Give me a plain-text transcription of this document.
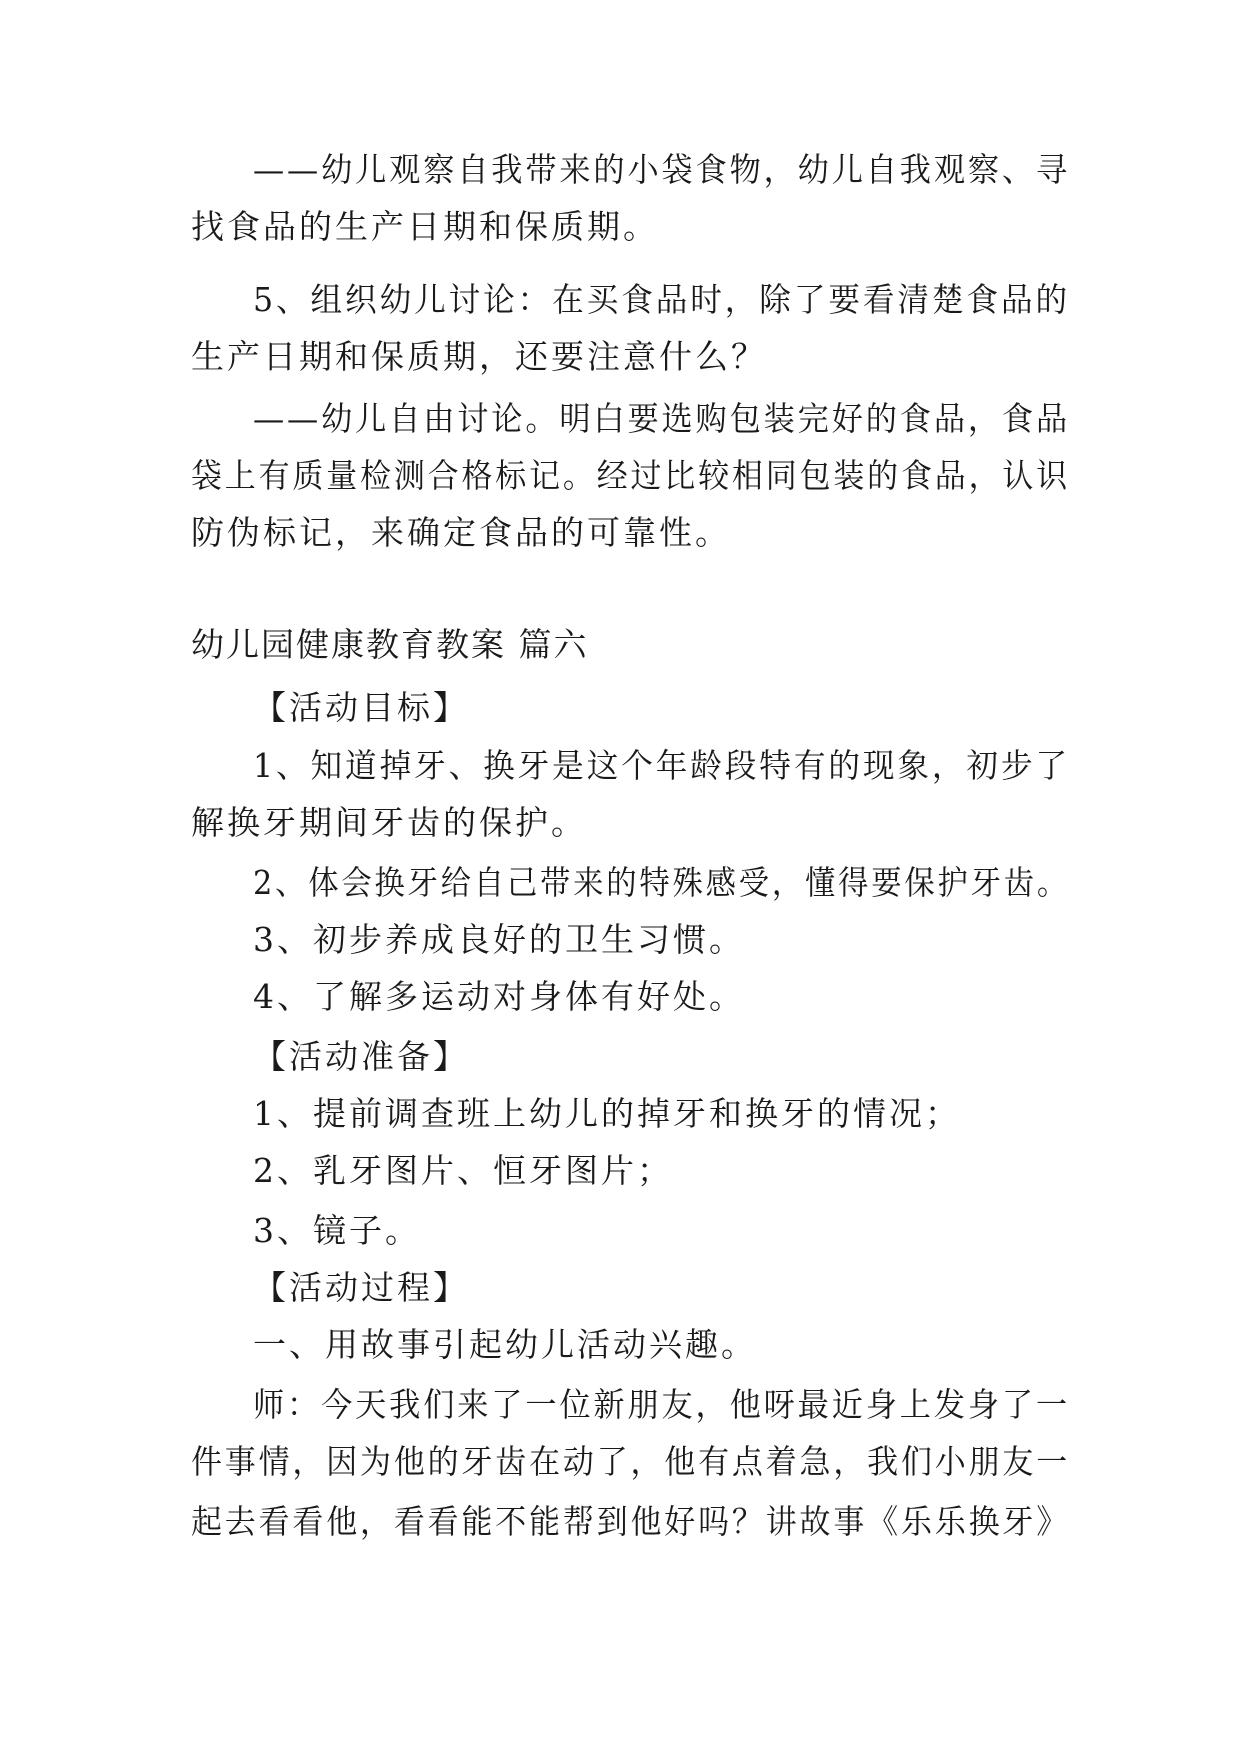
——幼儿观察自我带来的小袋食物，幼儿自我观察、寻
找食品的生产日期和保质期。
5、组织幼儿讨论：在买食品时，除了要看清楚食品的
生产日期和保质期，还要注意什么？
——幼儿自由讨论。明白要选购包装完好的食品，食品
袋上有质量检测合格标记。经过比较相同包装的食品，认识
防伪标记，来确定食品的可靠性。
幼儿园健康教育教案 篇六
【活动目标】
1、知道掉牙、换牙是这个年龄段特有的现象，初步了
解换牙期间牙齿的保护。
2、体会换牙给自己带来的特殊感受，懂得要保护牙齿。
3、初步养成良好的卫生习惯。
4、了解多运动对身体有好处。
【活动准备】
1、提前调查班上幼儿的掉牙和换牙的情况；
2、乳牙图片、恒牙图片；
3、镜子。
【活动过程】
一、用故事引起幼儿活动兴趣。
师：今天我们来了一位新朋友，他呀最近身上发身了一
件事情，因为他的牙齿在动了，他有点着急，我们小朋友一
起去看看他，看看能不能帮到他好吗？讲故事《乐乐换牙》
